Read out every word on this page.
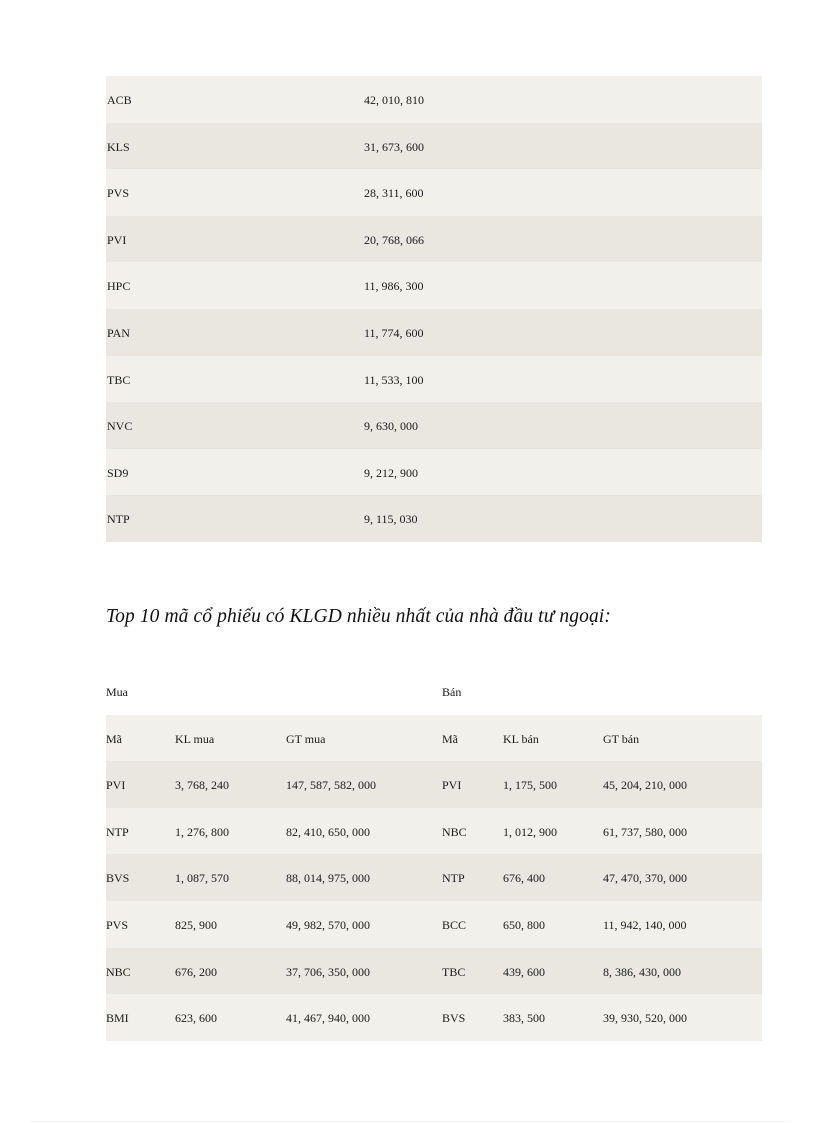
ACB	42, 010, 810
KLS	31, 673, 600
PVS	28, 311, 600
PVI	20, 768, 066
HPC	11, 986, 300
PAN	11, 774, 600
TBC	11, 533, 100
NVC	9, 630, 000
SD9	9, 212, 900
NTP	9, 115, 030
Top 10 mã cổ phiếu có KLGD nhiều nhất của nhà đầu tư ngoại:
Mua	Bán
Mã	KL mua	GT mua	Mã	KL bán	GT bán
PVI	3, 768, 240	147, 587, 582, 000	PVI	1, 175, 500	45, 204, 210, 000
NTP	1, 276, 800	82, 410, 650, 000	NBC	1, 012, 900	61, 737, 580, 000
BVS	1, 087, 570	88, 014, 975, 000	NTP	676, 400	47, 470, 370, 000
PVS	825, 900	49, 982, 570, 000	BCC	650, 800	11, 942, 140, 000
NBC	676, 200	37, 706, 350, 000	TBC	439, 600	8, 386, 430, 000
BMI	623, 600	41, 467, 940, 000	BVS	383, 500	39, 930, 520, 000
